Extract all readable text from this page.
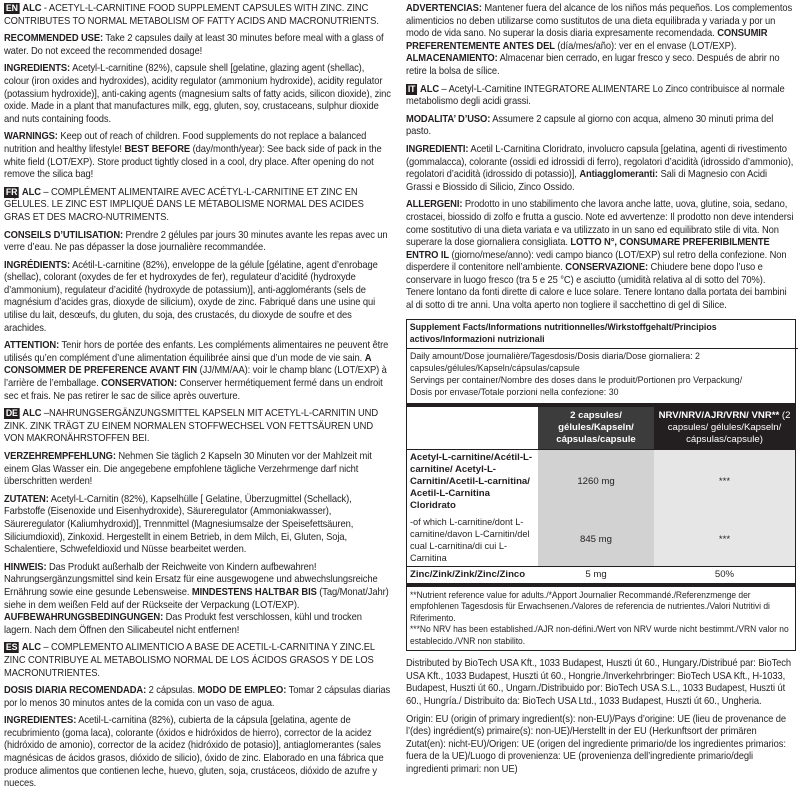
EN ALC - ACETYL-L-CARNITINE FOOD SUPPLEMENT CAPSULES WITH ZINC. ZINC CONTRIBUTES TO NORMAL METABOLISM OF FATTY ACIDS AND MACRONUTRIENTS.

RECOMMENDED USE: Take 2 capsules daily at least 30 minutes before meal with a glass of water. Do not exceed the recommended dosage!

INGREDIENTS: Acetyl-L-carnitine (82%), capsule shell [gelatine, glazing agent (shellac), colour (iron oxides and hydroxides), acidity regulator (ammonium hydroxide), acidity regulator (potassium hydroxide)], anti-caking agents (magnesium salts of fatty acids, silicon dioxide), zinc oxide. Made in a plant that manufactures milk, egg, gluten, soy, crustaceans, sulphur dioxide and nuts containing foods.

WARNINGS: Keep out of reach of children. Food supplements do not replace a balanced nutrition and healthy lifestyle! BEST BEFORE (day/month/year): See back side of pack in the white field (LOT/EXP). Store product tightly closed in a cool, dry place. After opening do not remove the silica bag!

FR ALC – COMPLÉMENT ALIMENTAIRE AVEC ACÉTYL-L-CARNITINE ET ZINC EN GÉLULES. LE ZINC EST IMPLIQUÉ DANS LE MÉTABOLISME NORMAL DES ACIDES GRAS ET DES MACRO-NUTRIMENTS.

CONSEILS D’UTILISATION: Prendre 2 gélules par jours 30 minutes avante les repas avec un verre d’eau. Ne pas dépasser la dose journalière recommandée.

INGRÉDIENTS: Acétil-L-carnitine (82%), enveloppe de la gélule [gélatine, agent d’enrobage (shellac), colorant (oxydes de fer et hydroxydes de fer), regulateur d’acidité (hydroxyde d’ammonium), regulateur d’acidité (hydroxyde de potassium)], anti-agglomérants (sels de magnésium d’acides gras, dioxyde de silicium), oxyde de zinc. Fabriqué dans une usine qui utilise du lait, desœufs, du gluten, du soja, des crustacés, du dioxyde de soufre et des arachides.

ATTENTION: Tenir hors de portée des enfants. Les compléments alimentaires ne peuvent être utilisés qu’en complément d’une alimentation équilibrée ainsi que d’un mode de vie sain. A CONSOMMER DE PREFERENCE AVANT FIN (JJ/MM/AA): voir le champ blanc (LOT/EXP) à l’arrière de l’emballage. CONSERVATION: Conserver hermétiquement fermé dans un endroit sec et frais. Ne pas retirer le sac de silice après ouverture.

DE ALC –NAHRUNGSERGÄNZUNGSMITTEL KAPSELN MIT ACETYL-L-CARNITIN UND ZINK. ZINK TRÄGT ZU EINEM NORMALEN STOFFWECHSEL VON FETTSÄUREN UND VON MAKRONÄHRSTOFFEN BEI.

VERZEHREMPFEHLUNG: Nehmen Sie täglich 2 Kapseln 30 Minuten vor der Mahlzeit mit einem Glas Wasser ein. Die angegebene empfohlene tägliche Verzehrmenge darf nicht überschritten werden!

ZUTATEN: Acetyl-L-Carnitin (82%), Kapselhülle [ Gelatine, Überzugmittel (Schellack), Farbstoffe (Eisenoxide und Eisenhydroxide), Säureregulator (Ammoniakwasser), Säureregulator (Kaliumhydroxid)], Trennmittel (Magnesiumsalze der Speisefettsäuren, Siliciumdioxid), Zinkoxid. Hergestellt in einem Betrieb, in dem Milch, Ei, Gluten, Soja, Schalentiere, Schwefeldioxid und Nüsse bearbeitet werden.

HINWEIS: Das Produkt außerhalb der Reichweite von Kindern aufbewahren! Nahrungsergänzungsmittel sind kein Ersatz für eine ausgewogene und abwechslungsreiche Ernährung sowie eine gesunde Lebensweise. MINDESTENS HALTBAR BIS (Tag/Monat/Jahr) siehe in dem weißen Feld auf der Rückseite der Verpackung (LOT/EXP). AUFBEWAHRUNGSBEDINGUNGEN: Das Produkt fest verschlossen, kühl und trocken lagern. Nach dem Öffnen den Silicabeutel nicht entfernen!

ES ALC – COMPLEMENTO ALIMENTICIO A BASE DE ACETIL-L-CARNITINA Y ZINC.EL ZINC CONTRIBUYE AL METABOLISMO NORMAL DE LOS ÁCIDOS GRASOS Y DE LOS MACRONUTRIENTES.

DOSIS DIARIA RECOMENDADA: 2 cápsulas. MODO DE EMPLEO: Tomar 2 cápsulas diarias por lo menos 30 minutos antes de la comida con un vaso de agua.

INGREDIENTES: Acetil-L-carnitina (82%), cubierta de la cápsula [gelatina, agente de recubrimiento (goma laca), colorante (óxidos e hidróxidos de hierro), corrector de la acidez (hidróxido de amonio), corrector de la acidez (hidróxido de potasio)], antiaglomerantes (sales magnésicas de ácidos grasos, dióxido de silicio), óxido de zinc. Elaborado en una fábrica que produce alimentos que contienen leche, huevo, gluten, soja, crustáceos, dióxido de azufre y nueces.

ADVERTENCIAS: Mantener fuera del alcance de los niños más pequeños. Los complementos alimenticios no deben utilizarse como sustitutos de una dieta equilibrada y variada y por un modo de vida sano. No superar la dosis diaria expresamente recomendada. CONSUMIR PREFERENTEMENTE ANTES DEL (día/mes/año): ver en el envase (LOT/EXP). ALMACENAMIENTO: Almacenar bien cerrado, en lugar fresco y seco. Después de abrir no retire la bolsa de sílice.

IT ALC – Acetyl-L-Carnitine INTEGRATORE ALIMENTARE Lo Zinco contribuisce al normale metabolismo degli acidi grassi.

MODALITA’ D’USO: Assumere 2 capsule al giorno con acqua, almeno 30 minuti prima del pasto.

INGREDIENTI: Acetil L-Carnitina Cloridrato, involucro capsula [gelatina, agenti di rivestimento (gommalacca), colorante (ossidi ed idrossidi di ferro), regolatori d’acidità (idrossido d’ammonio), regolatori d’acidità (idrossido di potassio)], Antiagglomeranti: Sali di Magnesio con Acidi Grassi e Biossido di Silicio, Zinco Ossido.

ALLERGENI: Prodotto in uno stabilimento che lavora anche latte, uova, glutine, soia, sedano, crostacei, biossido di zolfo e frutta a guscio. Note ed avvertenze: Il prodotto non deve intendersi come sostitutivo di una dieta variata e va utilizzato in un sano ed equilibrato stile di vita. Non superare la dose giornaliera consigliata. LOTTO N°, CONSUMARE PREFERIBILMENTE ENTRO IL (giorno/mese/anno): vedi campo bianco (LOT/EXP) sul retro della confezione. Non disperdere il contenitore nell’ambiente. CONSERVAZIONE: Chiudere bene dopo l’uso e conservare in luogo fresco (tra 5 e 25 °C) e asciutto (umidità relativa al di sotto del 70%). Tenere lontano da fonti dirette di calore e luce solare. Tenere lontano dalla portata dei bambini al di sotto di tre anni. Una volta aperto non togliere il sacchettino di gel di Silice.

Supplement Facts/Informations nutritionnelles/Wirkstoffgehalt/Principios activos/Informazioni nutrizionali
Daily amount/Dose journalière/Tagesdosis/Dosis diaria/Dose giornaliera: 2 capsules/gélules/Kapseln/cápsulas/capsule
Servings per container/Nombre des doses dans le produit/Portionen pro Verpackung/
Dosis por envase/Totale porzioni nella confezione: 30
	2 capsules/ gélules/Kapseln/ cápsulas/capsule	NRV/NRV/AJR/VRN/ VNR** (2 capsules/ gélules/Kapseln/ cápsulas/capsule)
Acetyl-L-carnitine/Acétil-L-carnitine/ Acetyl-L-Carnitin/Acetil-L-carnitina/ Acetil-L-Carnitina Cloridrato	1260 mg	***
-of which L-carnitine/dont L-carnitine/davon L-Carnitin/del cual L-carnitina/di cui L-Carnitina	845 mg	***
Zinc/Zink/Zink/Zinc/Zinco	5 mg	50%
**Nutrient reference value for adults./*Apport Journalier Recommandé./Referenzmenge der empfohlenen Tagesdosis für Erwachsenen./Valores de referencia de nutrientes./Valori Nutritivi di Riferimento.
***No NRV has been established./AJR non-défini./Wert von NRV wurde nicht bestimmt./VRN valor no establecido./VNR non stabilito.

Distributed by BioTech USA Kft., 1033 Budapest, Huszti út 60., Hungary./Distribué par: BioTech USA Kft., 1033 Budapest, Huszti út 60., Hongrie./Inverkehrbringer: BioTech USA Kft., H-1033, Budapest, Huszti út 60., Ungarn./Distribuido por: BioTech USA S.L., 1033 Budapest, Huszti út 60., Hungría./ Distribuito da: BioTech USA Ltd., 1033 Budapest, Huszti út 60., Ungheria.

Origin: EU (origin of primary ingredient(s): non-EU)/Pays d’origine: UE (lieu de provenance de l’(des) ingrédient(s) primaire(s): non-UE)/Herstellt in der EU (Herkunftsort der primären Zutat(en): nicht-EU)/Origen: UE (origen del ingrediente primario/de los ingredientes primarios: fuera de la UE)/Luogo di provenienza: UE (provenienza dell’ingrediente primario/degli ingredienti primari: non UE)
